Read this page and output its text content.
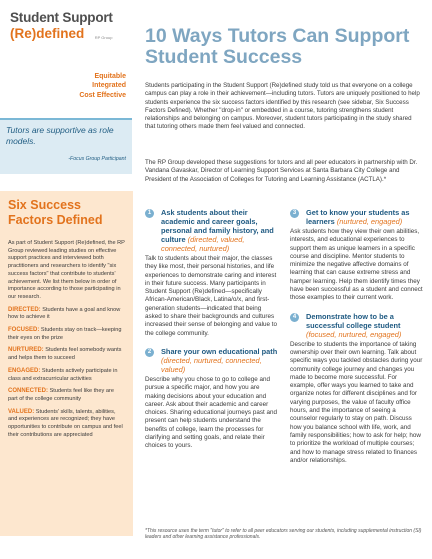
Student Support
(Re)defined	RP Group
Equitable
Integrated
Cost Effective
Tutors are supportive as role models.
-Focus Group Participant
Six Success Factors Defined
As part of Student Support (Re)defined, the RP Group reviewed leading studies on effective support practices and interviewed both practitioners and researchers to identify "six success factors" that contribute to students' achievement. We list them below in order of importance according to those participating in our research.
DIRECTED: Students have a goal and know how to achieve it
FOCUSED: Students stay on track—keeping their eyes on the prize
NURTURED: Students feel somebody wants and helps them to succeed
ENGAGED: Students actively participate in class and extracurricular activities
CONNECTED: Students feel like they are part of the college community
VALUED: Students' skills, talents, abilities, and experiences are recognized; they have opportunities to contribute on campus and feel their contributions are appreciated
10 Ways Tutors Can Support Student Success

Students participating in the Student Support (Re)defined study told us that everyone on a college campus can play a role in their achievement—including tutors. Tutors are uniquely positioned to help students experience the six success factors identified by this research (see sidebar, Six Success Factors Defined). Whether "drop-in" or embedded in a course, tutoring strengthens student relationships and belonging on campus. Moreover, student tutors participating in the study shared that tutoring others made them feel valued and connected.

The RP Group developed these suggestions for tutors and all peer educators in partnership with Dr. Vandana Gavaskar, Director of Learning Support Services at Santa Barbara City College and President of the Association of Colleges for Tutoring and Learning Assistance (ACTLA).*

1	Ask students about their academic and career goals, personal and family history, and culture (directed, valued, connected, nurtured)

Talk to students about their major, the classes they like most, their personal histories, and life experiences to demonstrate caring and interest in their future success. Many participants in Student Support (Re)defined—specifically African-American/Black, Latina/o/x, and first-generation students—indicated that being asked to share their backgrounds and cultures increased their sense of belonging and value to the college community.

2	Share your own educational path (directed, nurtured, connected, valued)

Describe why you chose to go to college and pursue a specific major, and how you are making decisions about your education and career. Ask about their academic and career choices. Sharing educational journeys past and present can help students understand the benefits of college, learn the processes for clarifying and setting goals, and relate their choices to yours.

3	Get to know your students as learners (nurtured, engaged)

Ask students how they view their own abilities, interests, and educational experiences to support them as unique learners in a specific course and discipline. Mentor students to minimize the negative affective domains of learning that can cause extreme stress and hamper learning. Help them identify times they have been successful as a student and connect those examples to their current work.

4	Demonstrate how to be a successful college student (focused, nurtured, engaged)

Describe to students the importance of taking ownership over their own learning. Talk about specific ways you tackled obstacles during your community college journey and changes you made to become more successful. For example, offer ways you learned to take and organize notes for different disciplines and for varying purposes, the value of faculty office hours, and the importance of seeing a counselor regularly to stay on path. Discuss how you balance school with life, work, and family responsibilities; how to ask for help; how to prioritize the workload of multiple courses; and how to manage stress related to finances and/or relationships.

*This resource uses the term "tutor" to refer to all peer educators serving our students, including supplemental instruction (SI) leaders and other learning assistance professionals.
